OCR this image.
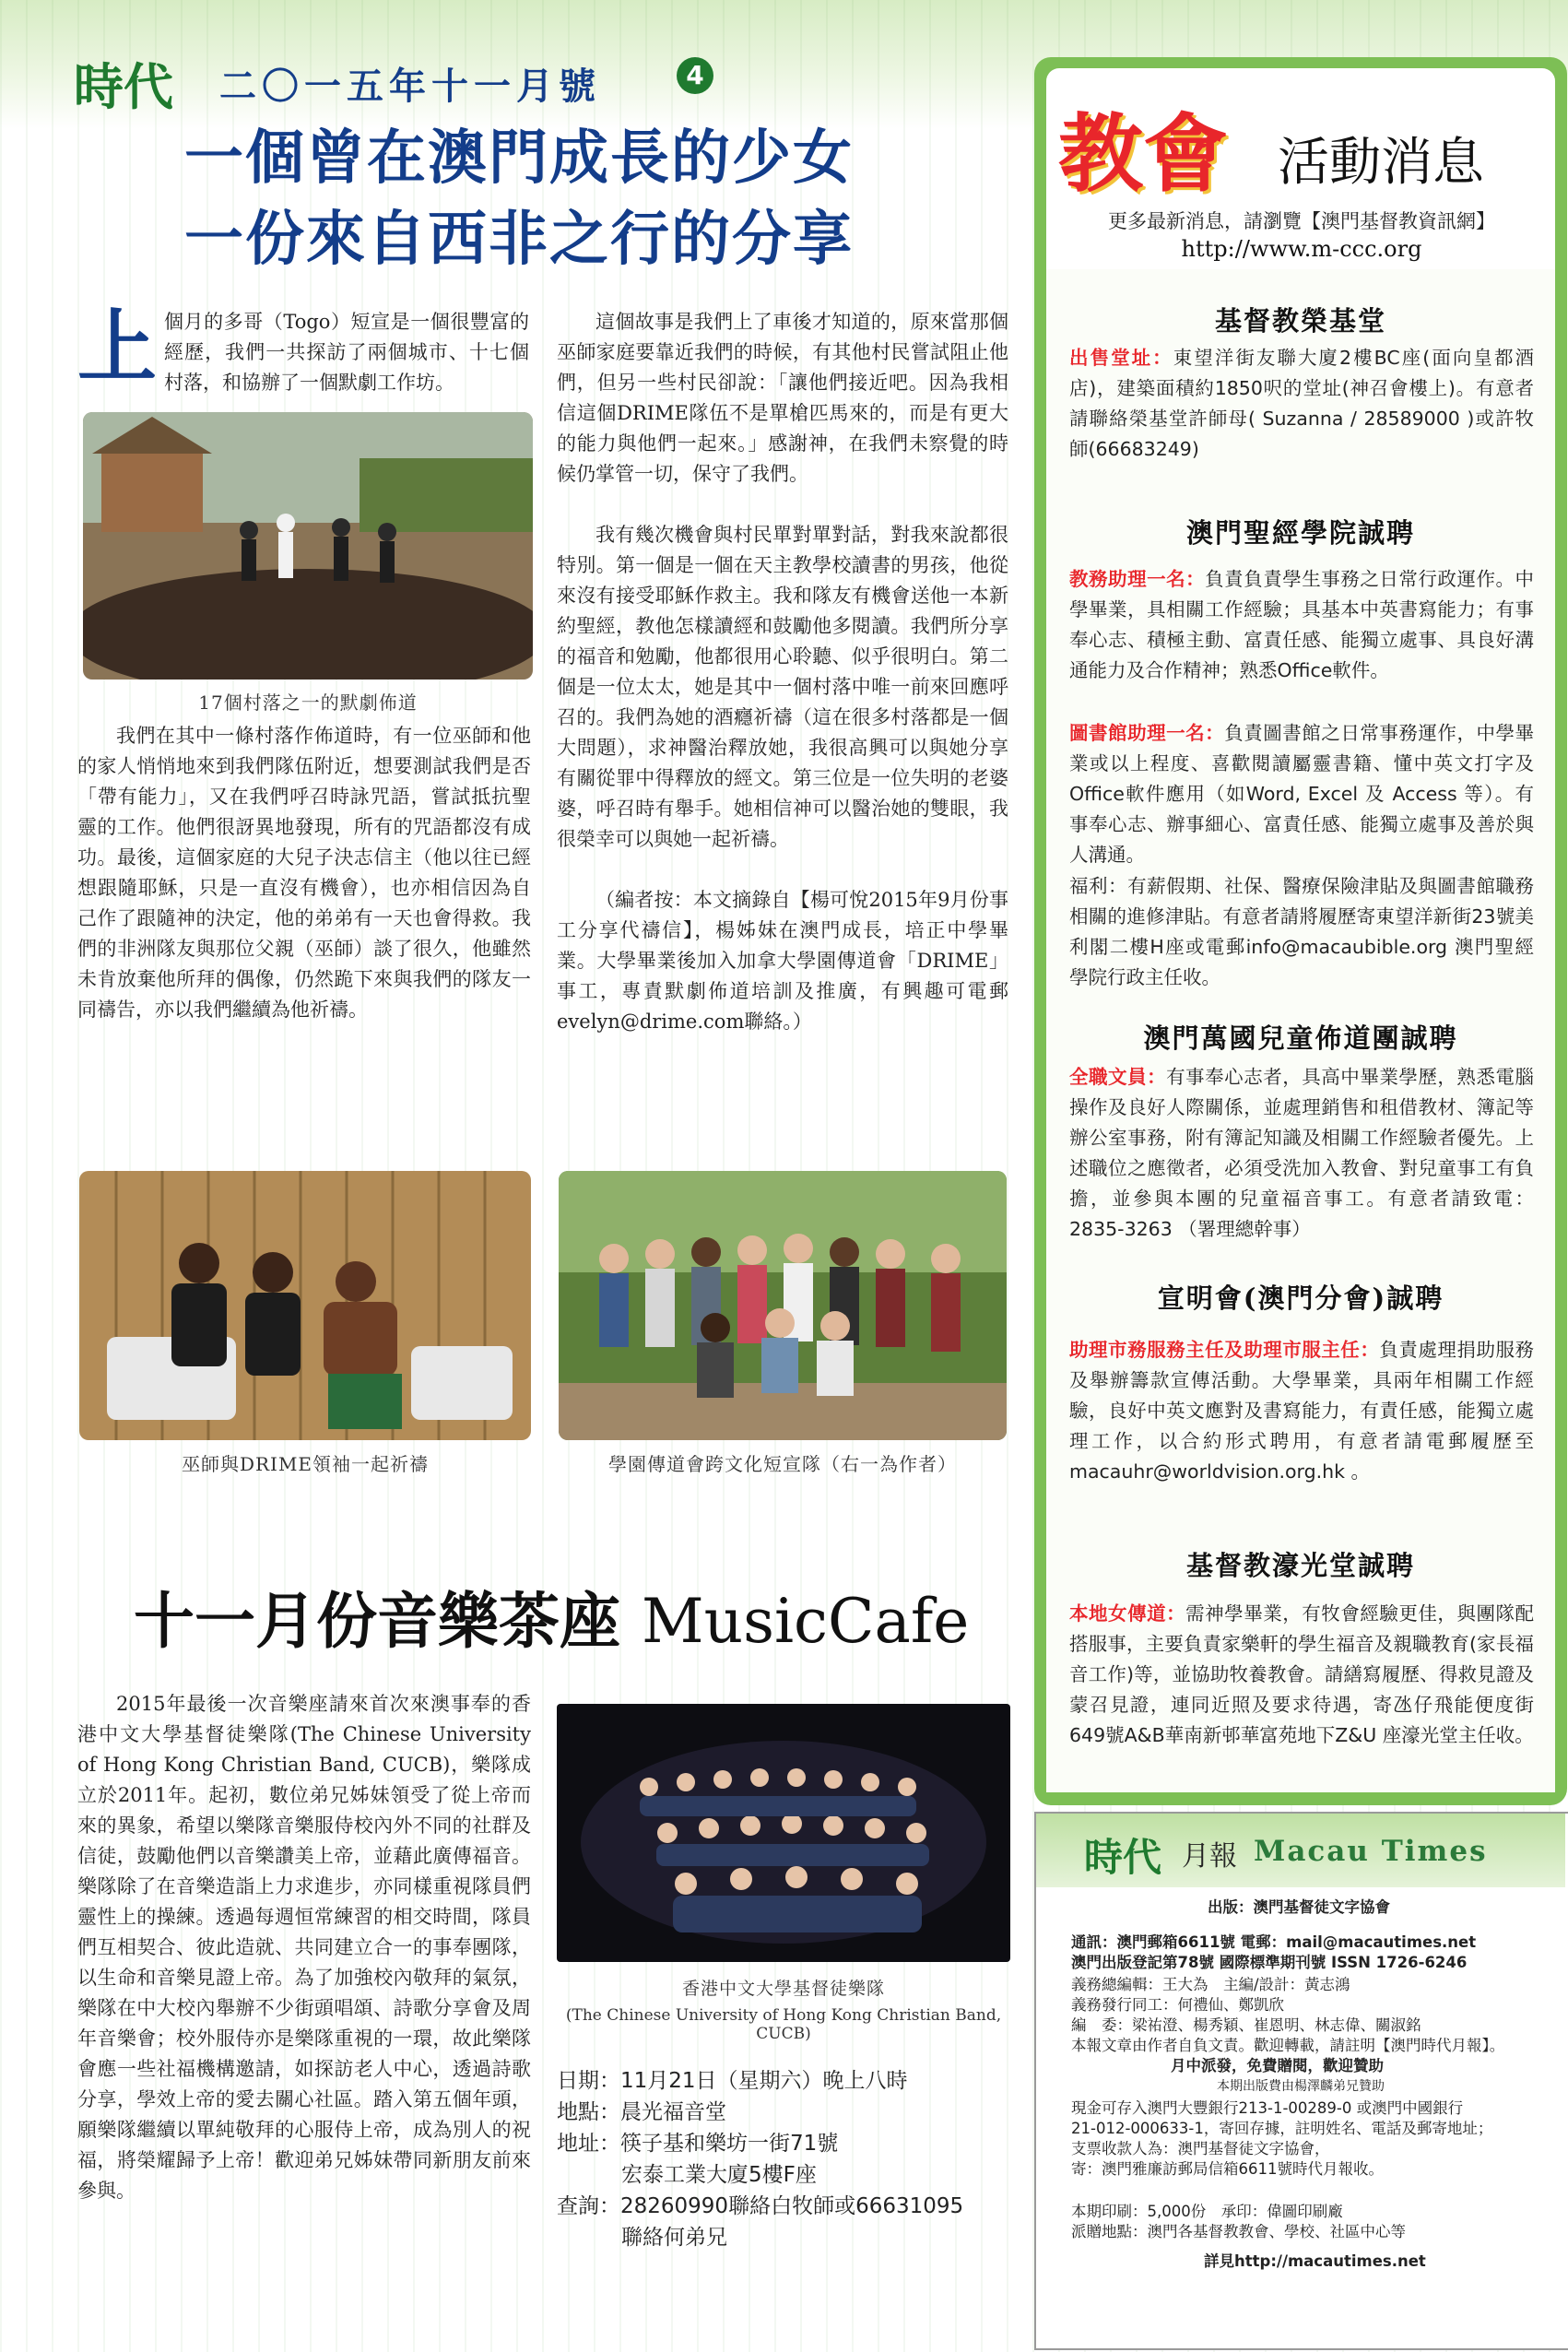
時代 二〇一五年十一月號	4
一個曾在澳門成長的少女
一份來自西非之行的分享
上 個月的多哥（Togo）短宣是一個很豐富的經歷，我們一共探訪了兩個城市、十七個村落，和協辦了一個默劇工作坊。
17個村落之一的默劇佈道

我們在其中一條村落作佈道時，有一位巫師和他的家人悄悄地來到我們隊伍附近，想要測試我們是否「帶有能力」，又在我們呼召時詠咒語，嘗試抵抗聖靈的工作。他們很訝異地發現，所有的咒語都沒有成功。最後，這個家庭的大兒子決志信主（他以往已經想跟隨耶穌，只是一直沒有機會），也亦相信因為自己作了跟隨神的決定，他的弟弟有一天也會得救。我們的非洲隊友與那位父親（巫師）談了很久，他雖然未肯放棄他所拜的偶像，仍然跪下來與我們的隊友一同禱告，亦以我們繼續為他祈禱。

這個故事是我們上了車後才知道的，原來當那個巫師家庭要靠近我們的時候，有其他村民嘗試阻止他們，但另一些村民卻說：「讓他們接近吧。因為我相信這個DRIME隊伍不是單槍匹馬來的，而是有更大的能力與他們一起來。」感謝神，在我們未察覺的時候仍掌管一切，保守了我們。

我有幾次機會與村民單對單對話，對我來說都很特別。第一個是一個在天主教學校讀書的男孩，他從來沒有接受耶穌作救主。我和隊友有機會送他一本新約聖經，教他怎樣讀經和鼓勵他多閱讀。我們所分享的福音和勉勵，他都很用心聆聽、似乎很明白。第二個是一位太太，她是其中一個村落中唯一前來回應呼召的。我們為她的酒癮祈禱（這在很多村落都是一個大問題），求神醫治釋放她，我很高興可以與她分享有關從罪中得釋放的經文。第三位是一位失明的老婆婆，呼召時有舉手。她相信神可以醫治她的雙眼，我很榮幸可以與她一起祈禱。

（編者按：本文摘錄自【楊可悅2015年9月份事工分享代禱信】，楊姊妹在澳門成長，培正中學畢業。大學畢業後加入加拿大學園傳道會「DRIME」事工，專責默劇佈道培訓及推廣，有興趣可電郵evelyn@drime.com聯絡。）

巫師與DRIME領袖一起祈禱	學園傳道會跨文化短宣隊（右一為作者）
十一月份音樂茶座 MusicCafe

2015年最後一次音樂座請來首次來澳事奉的香港中文大學基督徒樂隊(The Chinese University of Hong Kong Christian Band, CUCB)，樂隊成立於2011年。起初，數位弟兄姊妹領受了從上帝而來的異象，希望以樂隊音樂服侍校內外不同的社群及信徒，鼓勵他們以音樂讚美上帝，並藉此廣傳福音。樂隊除了在音樂造詣上力求進步，亦同樣重視隊員們靈性上的操練。透過每週恒常練習的相交時間，隊員們互相契合、彼此造就、共同建立合一的事奉團隊，以生命和音樂見證上帝。為了加強校內敬拜的氣氛，樂隊在中大校內舉辦不少街頭唱頌、詩歌分享會及周年音樂會；校外服侍亦是樂隊重視的一環，故此樂隊會應一些社福機構邀請，如探訪老人中心，透過詩歌分享，學效上帝的愛去關心社區。踏入第五個年頭，願樂隊繼續以單純敬拜的心服侍上帝，成為別人的祝福，將榮耀歸予上帝！歡迎弟兄姊妹帶同新朋友前來參與。

香港中文大學基督徒樂隊
(The Chinese University of Hong Kong Christian Band, CUCB)
日期：11月21日（星期六）晚上八時
地點：晨光福音堂
地址：筷子基和樂坊一街71號
宏泰工業大廈5樓F座
查詢：28260990聯絡白牧師或66631095
聯絡何弟兄
教會 活動消息
更多最新消息，請瀏覽【澳門基督教資訊網】
http://www.m-ccc.org
基督教榮基堂
出售堂址：東望洋街友聯大廈2樓BC座(面向皇都酒店)，建築面積約1850呎的堂址(神召會樓上)。有意者請聯絡榮基堂許師母( Suzanna / 28589000 )或許牧師(66683249)
澳門聖經學院誠聘
教務助理一名：負責負責學生事務之日常行政運作。中學畢業，具相關工作經驗；具基本中英書寫能力；有事奉心志、積極主動、富責任感、能獨立處事、具良好溝通能力及合作精神；熟悉Office軟件。
圖書館助理一名：負責圖書館之日常事務運作，中學畢業或以上程度、喜歡閱讀屬靈書籍、懂中英文打字及Office軟件應用（如Word, Excel 及 Access 等）。有事奉心志、辦事細心、富責任感、能獨立處事及善於與人溝通。
福利：有薪假期、社保、醫療保險津貼及與圖書館職務相關的進修津貼。有意者請將履歷寄東望洋新街23號美利閣二樓H座或電郵info@macaubible.org 澳門聖經學院行政主任收。
澳門萬國兒童佈道團誠聘
全職文員：有事奉心志者，具高中畢業學歷，熟悉電腦操作及良好人際關係，並處理銷售和租借教材、簿記等辦公室事務，附有簿記知識及相關工作經驗者優先。上述職位之應徵者，必須受洗加入教會、對兒童事工有負擔，並參與本團的兒童福音事工。有意者請致電：2835-3263 （署理總幹事）
宣明會(澳門分會)誠聘
助理市務服務主任及助理市服主任：負責處理捐助服務及舉辦籌款宣傳活動。大學畢業，具兩年相關工作經驗，良好中英文應對及書寫能力，有責任感，能獨立處理工作，以合約形式聘用，有意者請電郵履歷至macauhr@worldvision.org.hk 。
基督教濠光堂誠聘
本地女傳道：需神學畢業，有牧會經驗更佳，與團隊配搭服事，主要負責家樂軒的學生福音及親職教育(家長福音工作)等，並協助牧養教會。請繕寫履歷、得救見證及蒙召見證，連同近照及要求待遇，寄氹仔飛能便度街649號A&B華南新邨華富苑地下Z&U 座濠光堂主任收。
時代 月報 Macau Times
出版：澳門基督徒文字協會
通訊：澳門郵箱6611號 電郵：mail@macautimes.net
澳門出版登記第78號 國際標準期刊號 ISSN 1726-6246
義務總編輯：王大為　主編/設計：黃志鴻
義務發行同工：何禮仙、鄭凱欣
編　委：梁祐澄、楊秀穎、崔恩明、林志偉、關淑銘
本報文章由作者自負文責。歡迎轉載，請註明【澳門時代月報】。
月中派發，免費贈閱，歡迎贊助
本期出版費由楊澤麟弟兄贊助
現金可存入澳門大豐銀行213-1-00289-0 或澳門中國銀行
21-012-000633-1，寄回存據，註明姓名、電話及郵寄地址；
支票收款人為：澳門基督徒文字協會，
寄：澳門雅廉訪郵局信箱6611號時代月報收。
本期印刷：5,000份　承印：偉圖印刷廠
派贈地點：澳門各基督教教會、學校、社區中心等
詳見http://macautimes.net
